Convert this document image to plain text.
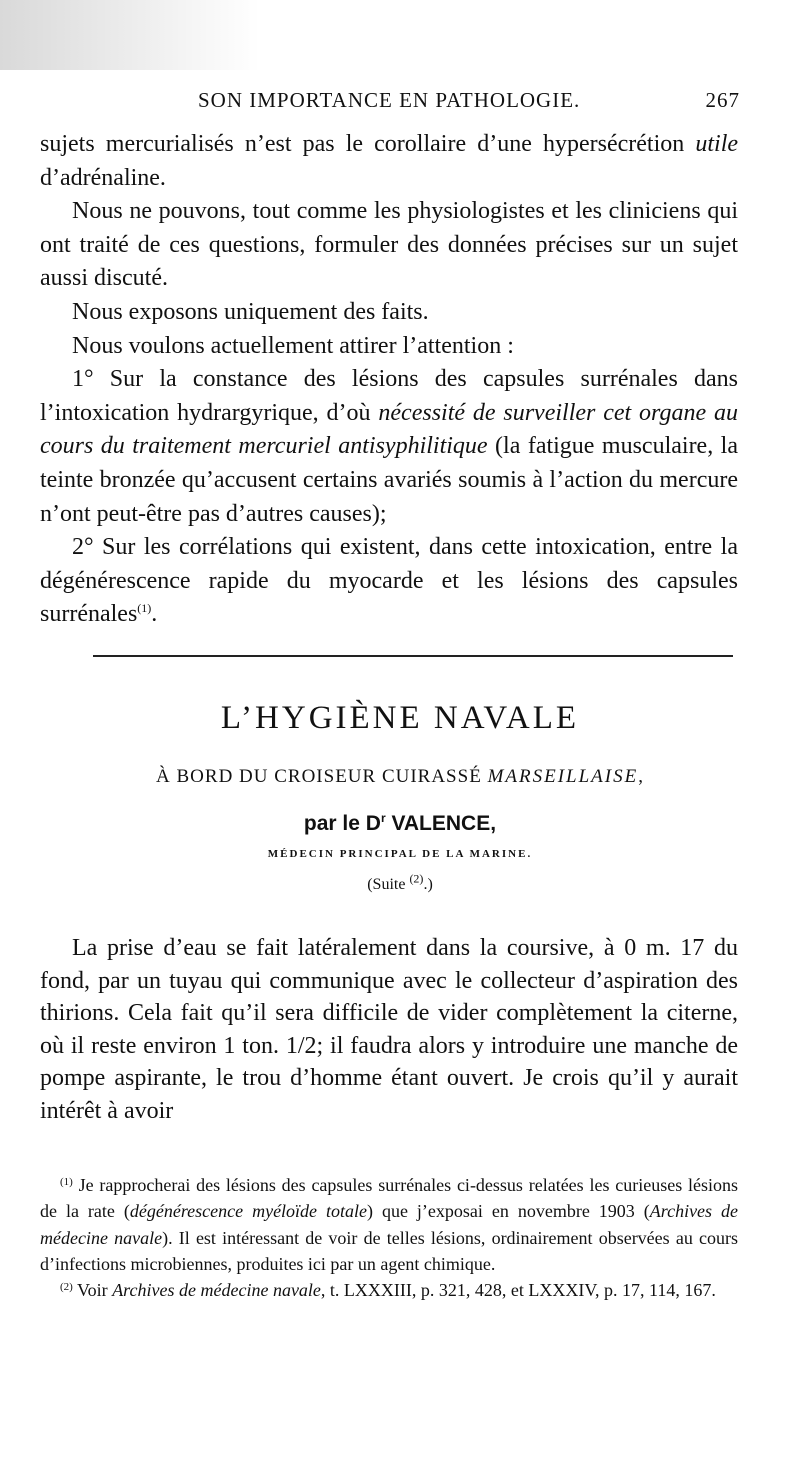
SON IMPORTANCE EN PATHOLOGIE.	267

sujets mercurialisés n’est pas le corollaire d’une hypersécrétion utile d’adrénaline.

Nous ne pouvons, tout comme les physiologistes et les cliniciens qui ont traité de ces questions, formuler des données précises sur un sujet aussi discuté.

Nous exposons uniquement des faits.

Nous voulons actuellement attirer l’attention :

1° Sur la constance des lésions des capsules surrénales dans l’intoxication hydrargyrique, d’où nécessité de surveiller cet organe au cours du traitement mercuriel antisyphilitique (la fatigue musculaire, la teinte bronzée qu’accusent certains avariés soumis à l’action du mercure n’ont peut-être pas d’autres causes);

2° Sur les corrélations qui existent, dans cette intoxication, entre la dégénérescence rapide du myocarde et les lésions des capsules surrénales$^{(1)}$.

L’HYGIÈNE NAVALE
À BORD DU CROISEUR CUIRASSÉ MARSEILLAISE,
par le $D^r$ VALENCE,
MÉDECIN PRINCIPAL DE LA MARINE.
(Suite $^{(2)}$.)

La prise d’eau se fait latéralement dans la coursive, à 0 m. 17 du fond, par un tuyau qui communique avec le collecteur d’aspiration des thirions. Cela fait qu’il sera difficile de vider complètement la citerne, où il reste environ 1 ton. 1/2; il faudra alors y introduire une manche de pompe aspirante, le trou d’homme étant ouvert. Je crois qu’il y aurait intérêt à avoir

$^{(1)}$ Je rapprocherai des lésions des capsules surrénales ci-dessus relatées les curieuses lésions de la rate (dégénérescence myéloïde totale) que j’exposai en novembre 1903 (Archives de médecine navale). Il est intéressant de voir de telles lésions, ordinairement observées au cours d’infections microbiennes, produites ici par un agent chimique.

$^{(2)}$ Voir Archives de médecine navale, t. LXXXIII, p. 321, 428, et LXXXIV, p. 17, 114, 167.
